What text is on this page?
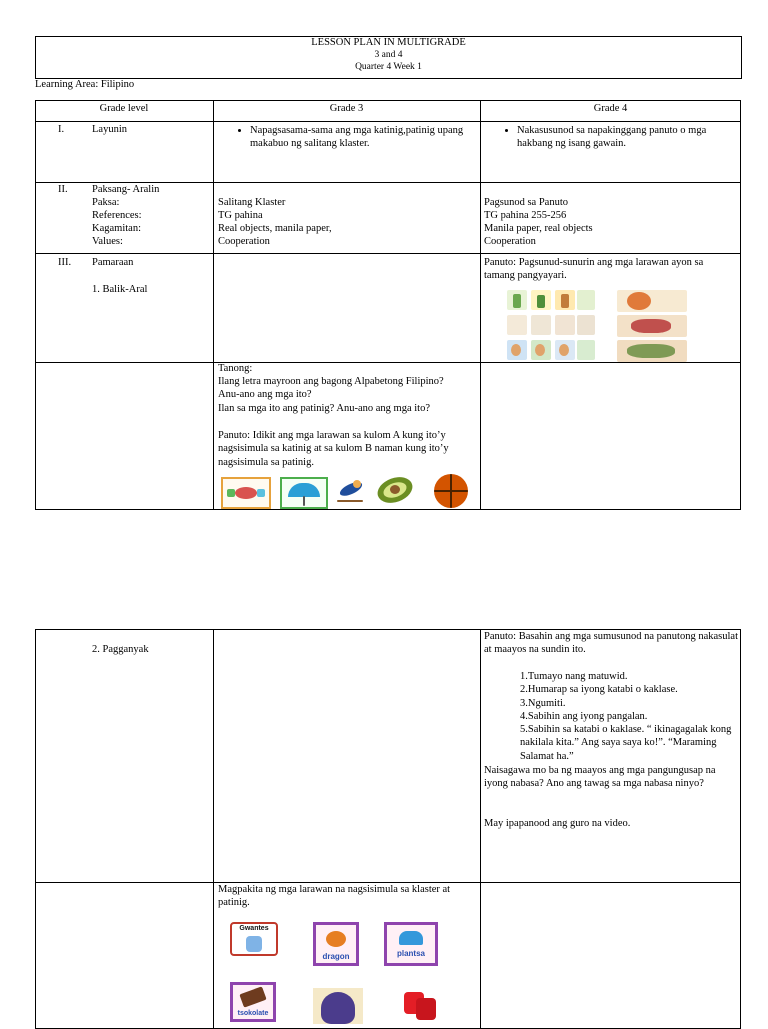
LESSON PLAN IN MULTIGRADE
3 and 4
Quarter 4 Week 1
Learning Area: Filipino
Grade level	Grade 3	Grade 4
I.	Layunin
•	Napagsasama-sama ang mga katinig,patinig upang makabuo ng salitang klaster.
• Nakasusunod sa napakinggang panuto o mga hakbang ng isang gawain.
II. Paksang- Aralin
Paksa:
References:
Kagamitan:
Values:
Salitang Klaster
TG pahina
Real objects, manila paper,
Cooperation
Pagsunod sa Panuto
TG pahina 255-256
Manila paper, real objects
Cooperation
III. Pamaraan
1. Balik-Aral
Panuto: Pagsunud-sunurin ang mga larawan ayon sa tamang pangyayari.
Tanong:
Ilang letra mayroon ang bagong Alpabetong Filipino?
Anu-ano ang mga ito?
Ilan sa mga ito ang patinig? Anu-ano ang mga ito?
Panuto: Idikit ang mga larawan sa kulom A kung ito’y nagsisimula sa katinig at sa kulom B naman kung ito’y nagsisimula sa patinig.
2. Pagganyak
Panuto: Basahin ang mga sumusunod na panutong nakasulat at maayos na sundin ito.
1.Tumayo nang matuwid.
2.Humarap sa iyong katabi o kaklase.
3.Ngumiti.
4.Sabihin ang iyong pangalan.
5.Sabihin sa katabi o kaklase. “ ikinagagalak kong nakilala kita.” Ang saya saya ko!”. “Maraming Salamat ha.”
Naisagawa mo ba ng maayos ang mga pangungusap na iyong nabasa? Ano ang tawag sa mga nabasa ninyo?
May ipapanood ang guro na video.
Magpakita ng mga larawan na nagsisimula sa klaster at patinig.
Gwantes
dragon	plantsa
tsokolate
